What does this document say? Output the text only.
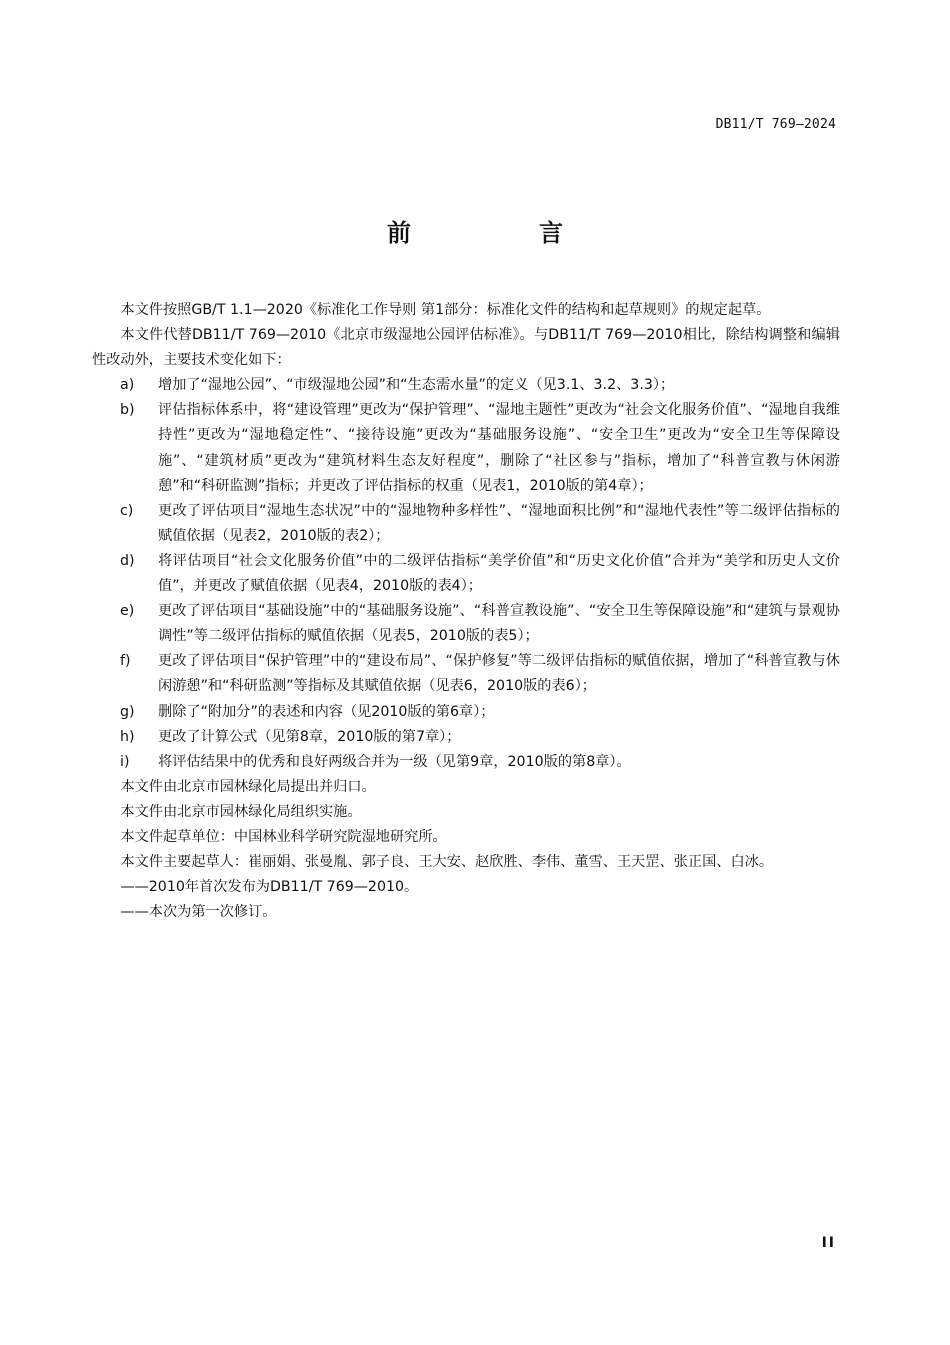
DB11/T 769—2024
前　言

本文件按照GB/T 1.1—2020《标准化工作导则 第1部分：标准化文件的结构和起草规则》的规定起草。

本文件代替DB11/T 769—2010《北京市级湿地公园评估标准》。与DB11/T 769—2010相比，除结构调整和编辑性改动外，主要技术变化如下：

a) 增加了“湿地公园”、“市级湿地公园”和“生态需水量”的定义（见3.1、3.2、3.3）；
b) 评估指标体系中，将“建设管理”更改为“保护管理”、“湿地主题性”更改为“社会文化服务价值”、“湿地自我维持性”更改为“湿地稳定性”、“接待设施”更改为“基础服务设施”、“安全卫生”更改为“安全卫生等保障设施”、“建筑材质”更改为“建筑材料生态友好程度”，删除了“社区参与”指标，增加了“科普宣教与休闲游憩”和“科研监测”指标；并更改了评估指标的权重（见表1，2010版的第4章）；
c) 更改了评估项目“湿地生态状况”中的“湿地物种多样性”、“湿地面积比例”和“湿地代表性”等二级评估指标的赋值依据（见表2，2010版的表2）；
d) 将评估项目“社会文化服务价值”中的二级评估指标“美学价值”和“历史文化价值”合并为“美学和历史人文价值”，并更改了赋值依据（见表4，2010版的表4）；
e) 更改了评估项目“基础设施”中的“基础服务设施”、“科普宣教设施”、“安全卫生等保障设施”和“建筑与景观协调性”等二级评估指标的赋值依据（见表5，2010版的表5）；
f) 更改了评估项目“保护管理”中的“建设布局”、“保护修复”等二级评估指标的赋值依据，增加了“科普宣教与休闲游憩”和“科研监测”等指标及其赋值依据（见表6，2010版的表6）；
g) 删除了“附加分”的表述和内容（见2010版的第6章）；
h) 更改了计算公式（见第8章，2010版的第7章）；
i) 将评估结果中的优秀和良好两级合并为一级（见第9章，2010版的第8章）。

本文件由北京市园林绿化局提出并归口。

本文件由北京市园林绿化局组织实施。

本文件起草单位：中国林业科学研究院湿地研究所。

本文件主要起草人：崔丽娟、张曼胤、郭子良、王大安、赵欣胜、李伟、董雪、王天罡、张正国、白冰。

——2010年首次发布为DB11/T 769—2010。

——本次为第一次修订。

II
